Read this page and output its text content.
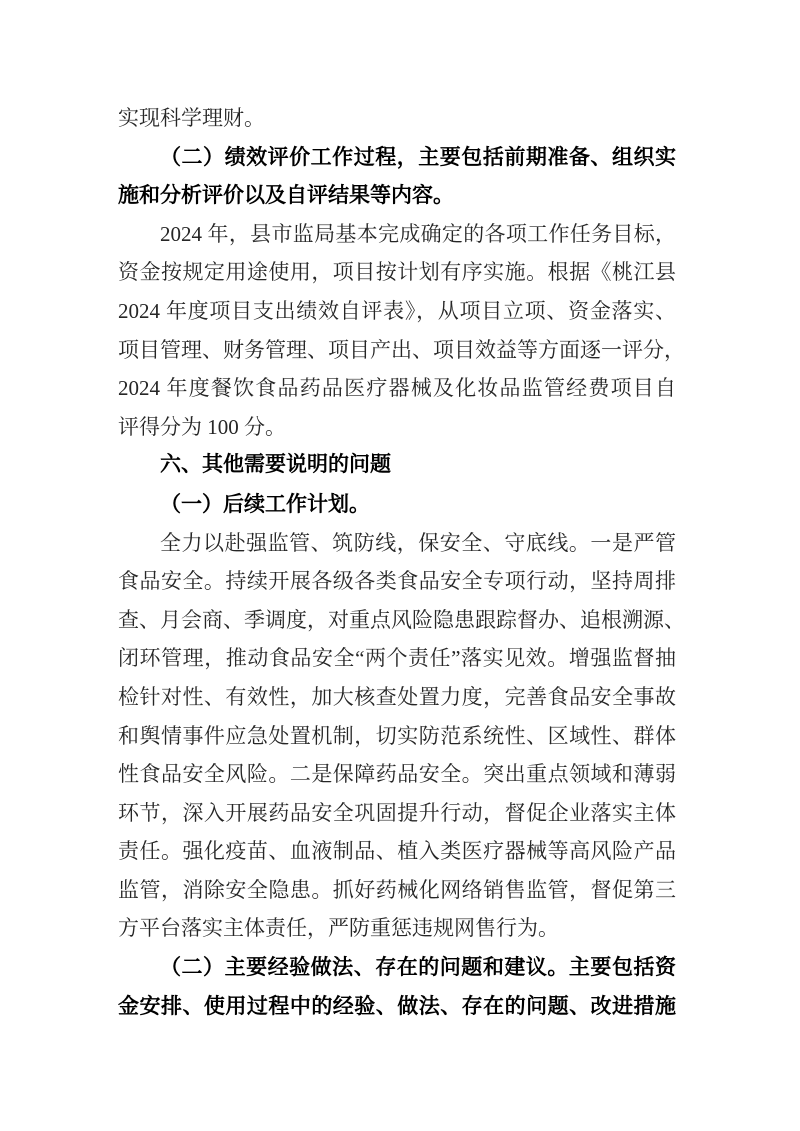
实现科学理财。
（二）绩效评价工作过程，主要包括前期准备、组织实
施和分析评价以及自评结果等内容。
2024 年，县市监局基本完成确定的各项工作任务目标，
资金按规定用途使用，项目按计划有序实施。根据《桃江县
2024 年度项目支出绩效自评表》，从项目立项、资金落实、
项目管理、财务管理、项目产出、项目效益等方面逐一评分，
2024 年度餐饮食品药品医疗器械及化妆品监管经费项目自
评得分为 100 分。
六、其他需要说明的问题
（一）后续工作计划。
全力以赴强监管、筑防线，保安全、守底线。一是严管
食品安全。持续开展各级各类食品安全专项行动，坚持周排
查、月会商、季调度，对重点风险隐患跟踪督办、追根溯源、
闭环管理，推动食品安全“两个责任”落实见效。增强监督抽
检针对性、有效性，加大核查处置力度，完善食品安全事故
和舆情事件应急处置机制，切实防范系统性、区域性、群体
性食品安全风险。二是保障药品安全。突出重点领域和薄弱
环节，深入开展药品安全巩固提升行动，督促企业落实主体
责任。强化疫苗、血液制品、植入类医疗器械等高风险产品
监管，消除安全隐患。抓好药械化网络销售监管，督促第三
方平台落实主体责任，严防重惩违规网售行为。
（二）主要经验做法、存在的问题和建议。主要包括资
金安排、使用过程中的经验、做法、存在的问题、改进措施
